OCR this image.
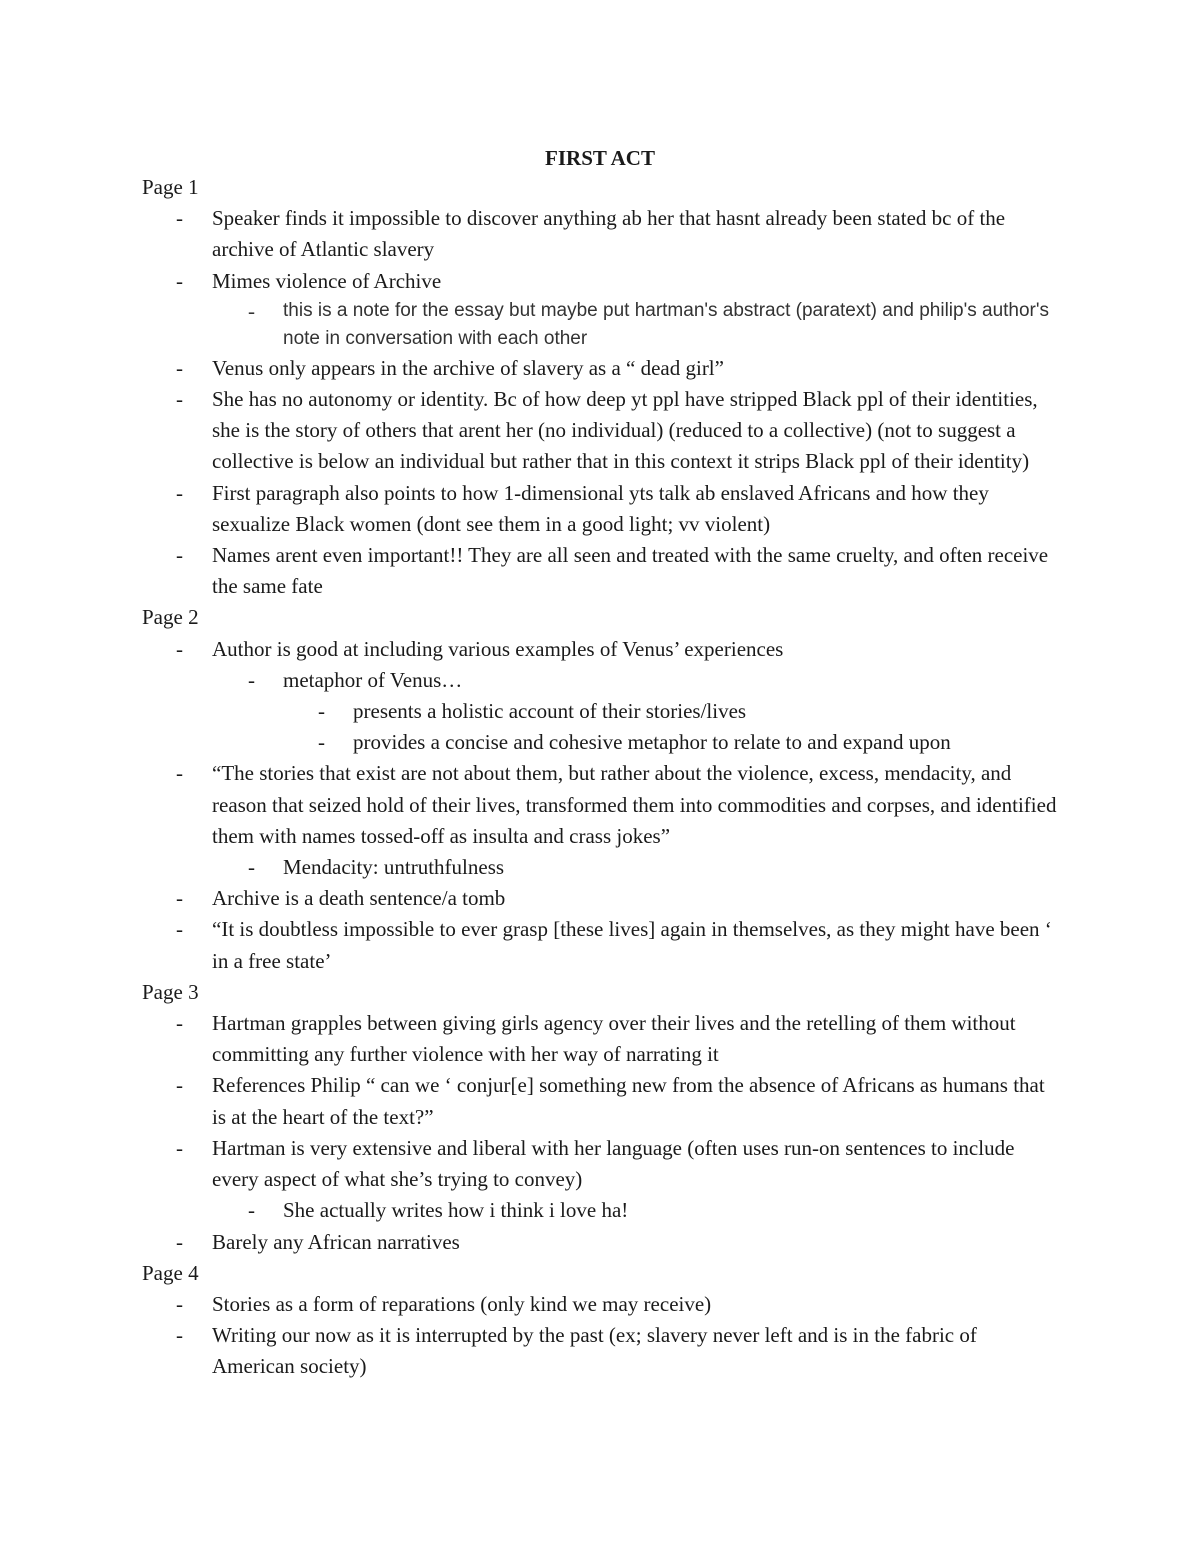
FIRST ACT

Page 1

- Speaker finds it impossible to discover anything ab her that hasnt already been stated bc of the archive of Atlantic slavery

- Mimes violence of Archive

- this is a note for the essay but maybe put hartman's abstract (paratext) and philip's author's note in conversation with each other

- Venus only appears in the archive of slavery as a “ dead girl”

- She has no autonomy or identity. Bc of how deep yt ppl have stripped Black ppl of their identities, she is the story of others that arent her (no individual) (reduced to a collective) (not to suggest a collective is below an individual but rather that in this context it strips Black ppl of their identity)

- First paragraph also points to how 1-dimensional yts talk ab enslaved Africans and how they sexualize Black women (dont see them in a good light; vv violent)

- Names arent even important!! They are all seen and treated with the same cruelty, and often receive the same fate

Page 2

- Author is good at including various examples of Venus’ experiences

- metaphor of Venus…

- presents a holistic account of their stories/lives

- provides a concise and cohesive metaphor to relate to and expand upon

- “The stories that exist are not about them, but rather about the violence, excess, mendacity, and reason that seized hold of their lives, transformed them into commodities and corpses, and identified them with names tossed-off as insulta and crass jokes”

- Mendacity: untruthfulness

- Archive is a death sentence/a tomb

- “It is doubtless impossible to ever grasp [these lives] again in themselves, as they might have been ‘ in a free state’

Page 3

- Hartman grapples between giving girls agency over their lives and the retelling of them without committing any further violence with her way of narrating it

- References Philip “ can we ‘ conjur[e] something new from the absence of Africans as humans that is at the heart of the text?”

- Hartman is very extensive and liberal with her language (often uses run-on sentences to include every aspect of what she’s trying to convey)

- She actually writes how i think i love ha!

- Barely any African narratives

Page 4

- Stories as a form of reparations (only kind we may receive)

- Writing our now as it is interrupted by the past (ex; slavery never left and is in the fabric of American society)
